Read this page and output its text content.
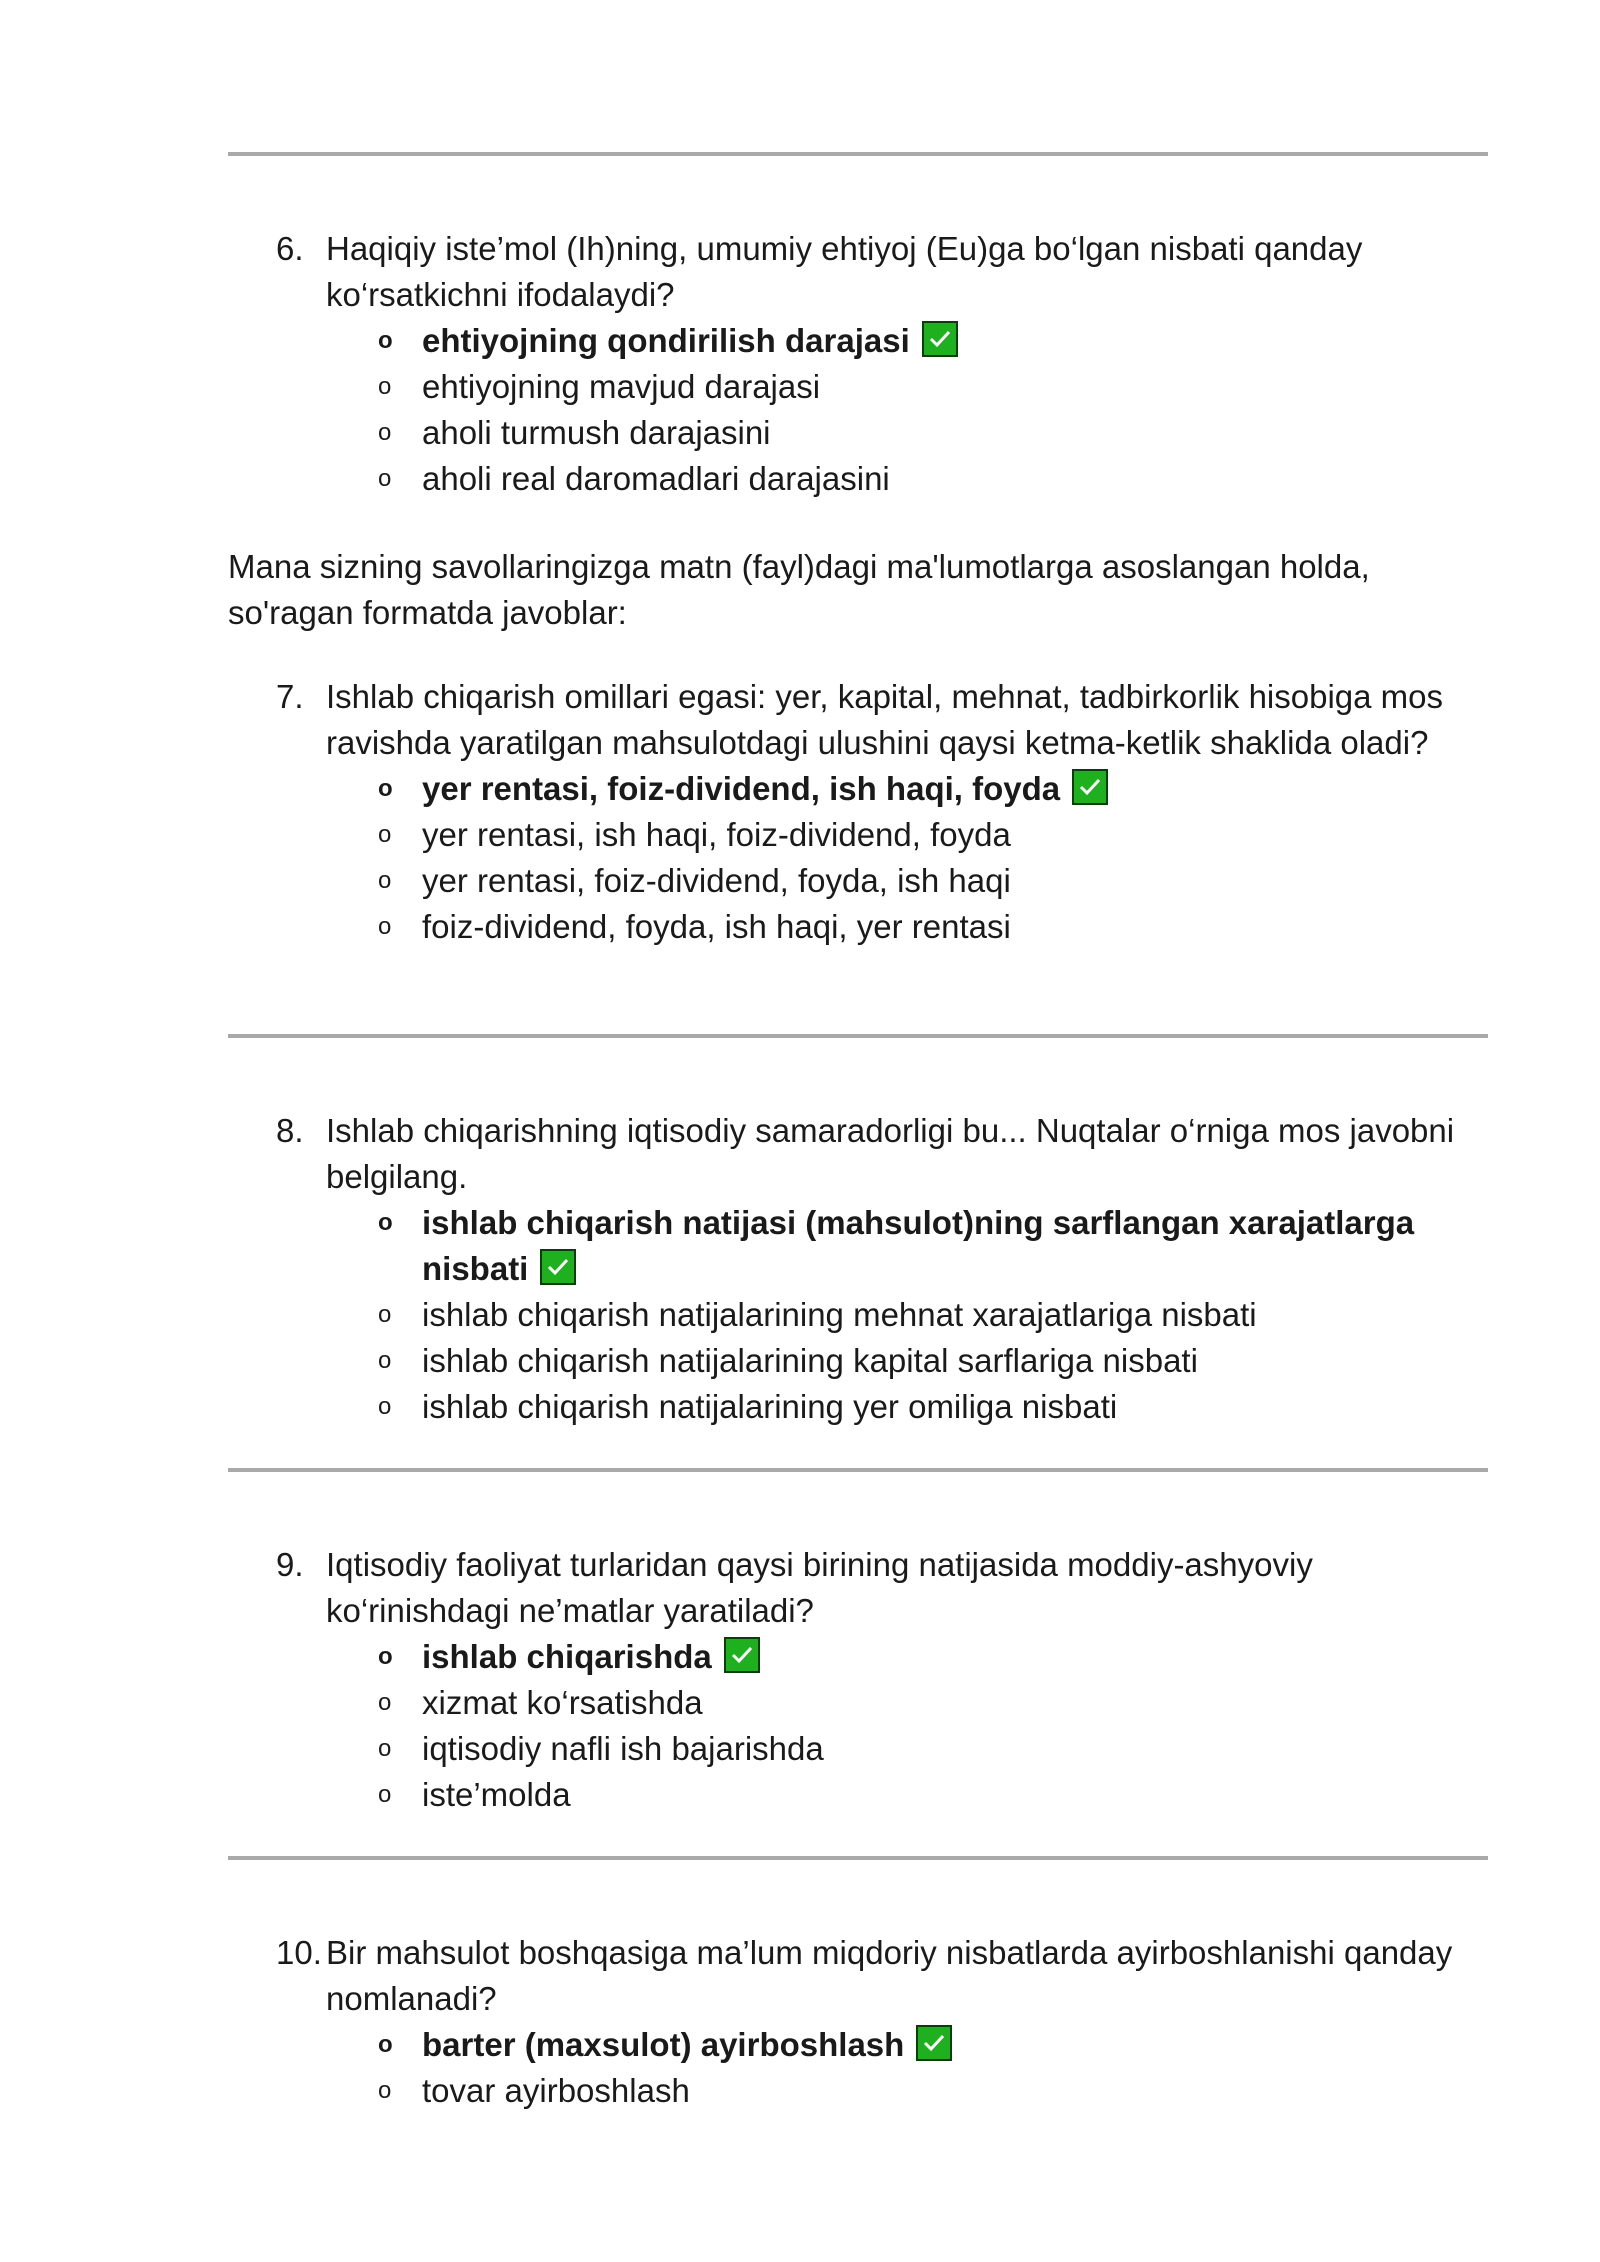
6. Haqiqiy iste’mol (Ih)ning, umumiy ehtiyoj (Eu)ga bo‘lgan nisbati qanday ko‘rsatkichni ifodalaydi?
o ehtiyojning qondirilish darajasi
o ehtiyojning mavjud darajasi
o aholi turmush darajasini
o aholi real daromadlari darajasini
Mana sizning savollaringizga matn (fayl)dagi ma'lumotlarga asoslangan holda, so'ragan formatda javoblar:
7. Ishlab chiqarish omillari egasi: yer, kapital, mehnat, tadbirkorlik hisobiga mos ravishda yaratilgan mahsulotdagi ulushini qaysi ketma-ketlik shaklida oladi?
o yer rentasi, foiz-dividend, ish haqi, foyda
o yer rentasi, ish haqi, foiz-dividend, foyda
o yer rentasi, foiz-dividend, foyda, ish haqi
o foiz-dividend, foyda, ish haqi, yer rentasi
8. Ishlab chiqarishning iqtisodiy samaradorligi bu... Nuqtalar o‘rniga mos javobni belgilang.
o ishlab chiqarish natijasi (mahsulot)ning sarflangan xarajatlarga nisbati
o ishlab chiqarish natijalarining mehnat xarajatlariga nisbati
o ishlab chiqarish natijalarining kapital sarflariga nisbati
o ishlab chiqarish natijalarining yer omiliga nisbati
9. Iqtisodiy faoliyat turlaridan qaysi birining natijasida moddiy-ashyoviy ko‘rinishdagi ne’matlar yaratiladi?
o ishlab chiqarishda
o xizmat ko‘rsatishda
o iqtisodiy nafli ish bajarishda
o iste’molda
10. Bir mahsulot boshqasiga ma’lum miqdoriy nisbatlarda ayirboshlanishi qanday nomlanadi?
o barter (maxsulot) ayirboshlash
o tovar ayirboshlash
